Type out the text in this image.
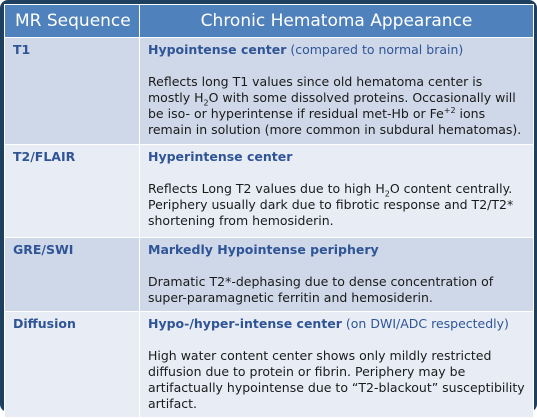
MR Sequence	Chronic Hematoma Appearance
T1	Hypointense center (compared to normal brain)
Reflects long T1 values since old hematoma center is mostly $H_2O$ with some dissolved proteins. Occasionally will be iso- or hyperintense if residual met-Hb or $Fe^{+2}$ ions remain in solution (more common in subdural hematomas).

T2/FLAIR	Hyperintense center
Reflects Long T2 values due to high $H_2O$ content centrally. Periphery usually dark due to fibrotic response and T2/T2* shortening from hemosiderin.

GRE/SWI	Markedly Hypointense periphery
Dramatic T2*-dephasing due to dense concentration of super-paramagnetic ferritin and hemosiderin.

Diffusion	Hypo-/hyper-intense center (on DWI/ADC respectedly)
High water content center shows only mildly restricted diffusion due to protein or fibrin. Periphery may be artifactually hypointense due to “T2-blackout” susceptibility artifact.
